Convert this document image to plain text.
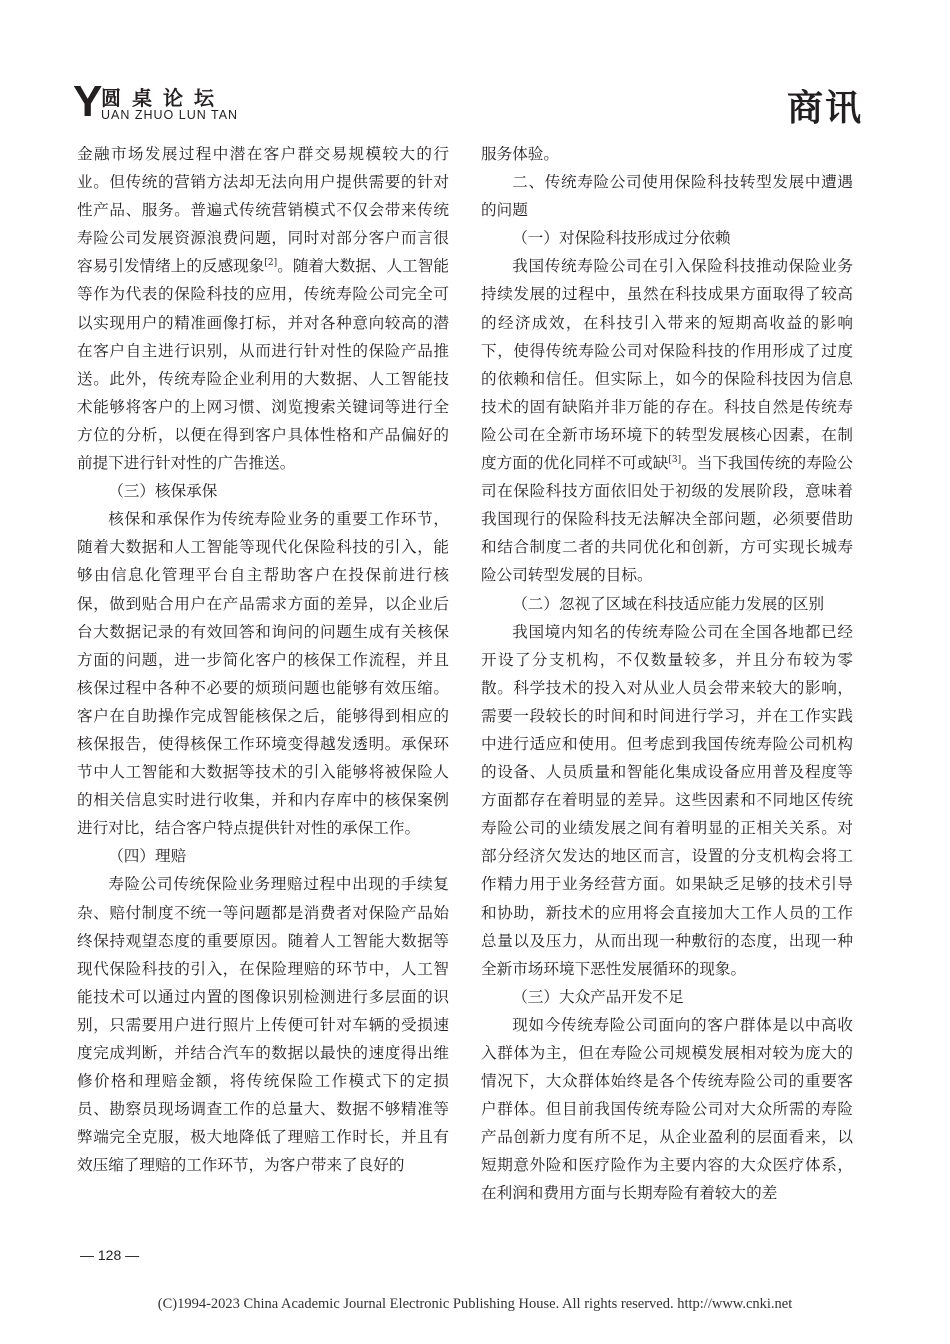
Y
圆桌论坛
UAN ZHUO LUN TAN	商讯

金融市场发展过程中潜在客户群交易规模较大的行业。但传统的营销方法却无法向用户提供需要的针对性产品、服务。普遍式传统营销模式不仅会带来传统寿险公司发展资源浪费问题，同时对部分客户而言很容易引发情绪上的反感现象[2]。随着大数据、人工智能等作为代表的保险科技的应用，传统寿险公司完全可以实现用户的精准画像打标，并对各种意向较高的潜在客户自主进行识别，从而进行针对性的保险产品推送。此外，传统寿险企业利用的大数据、人工智能技术能够将客户的上网习惯、浏览搜索关键词等进行全方位的分析，以便在得到客户具体性格和产品偏好的前提下进行针对性的广告推送。

（三）核保承保

核保和承保作为传统寿险业务的重要工作环节，随着大数据和人工智能等现代化保险科技的引入，能够由信息化管理平台自主帮助客户在投保前进行核保，做到贴合用户在产品需求方面的差异，以企业后台大数据记录的有效回答和询问的问题生成有关核保方面的问题，进一步简化客户的核保工作流程，并且核保过程中各种不必要的烦琐问题也能够有效压缩。客户在自助操作完成智能核保之后，能够得到相应的核保报告，使得核保工作环境变得越发透明。承保环节中人工智能和大数据等技术的引入能够将被保险人的相关信息实时进行收集，并和内存库中的核保案例进行对比，结合客户特点提供针对性的承保工作。

（四）理赔

寿险公司传统保险业务理赔过程中出现的手续复杂、赔付制度不统一等问题都是消费者对保险产品始终保持观望态度的重要原因。随着人工智能大数据等现代保险科技的引入，在保险理赔的环节中，人工智能技术可以通过内置的图像识别检测进行多层面的识别，只需要用户进行照片上传便可针对车辆的受损速度完成判断，并结合汽车的数据以最快的速度得出维修价格和理赔金额，将传统保险工作模式下的定损员、勘察员现场调查工作的总量大、数据不够精准等弊端完全克服，极大地降低了理赔工作时长，并且有效压缩了理赔的工作环节，为客户带来了良好的

服务体验。

二、传统寿险公司使用保险科技转型发展中遭遇的问题

（一）对保险科技形成过分依赖

我国传统寿险公司在引入保险科技推动保险业务持续发展的过程中，虽然在科技成果方面取得了较高的经济成效，在科技引入带来的短期高收益的影响下，使得传统寿险公司对保险科技的作用形成了过度的依赖和信任。但实际上，如今的保险科技因为信息技术的固有缺陷并非万能的存在。科技自然是传统寿险公司在全新市场环境下的转型发展核心因素，在制度方面的优化同样不可或缺[3]。当下我国传统的寿险公司在保险科技方面依旧处于初级的发展阶段，意味着我国现行的保险科技无法解决全部问题，必须要借助和结合制度二者的共同优化和创新，方可实现长城寿险公司转型发展的目标。

（二）忽视了区域在科技适应能力发展的区别

我国境内知名的传统寿险公司在全国各地都已经开设了分支机构，不仅数量较多，并且分布较为零散。科学技术的投入对从业人员会带来较大的影响，需要一段较长的时间和时间进行学习，并在工作实践中进行适应和使用。但考虑到我国传统寿险公司机构的设备、人员质量和智能化集成设备应用普及程度等方面都存在着明显的差异。这些因素和不同地区传统寿险公司的业绩发展之间有着明显的正相关关系。对部分经济欠发达的地区而言，设置的分支机构会将工作精力用于业务经营方面。如果缺乏足够的技术引导和协助，新技术的应用将会直接加大工作人员的工作总量以及压力，从而出现一种敷衍的态度，出现一种全新市场环境下恶性发展循环的现象。

（三）大众产品开发不足

现如今传统寿险公司面向的客户群体是以中高收入群体为主，但在寿险公司规模发展相对较为庞大的情况下，大众群体始终是各个传统寿险公司的重要客户群体。但目前我国传统寿险公司对大众所需的寿险产品创新力度有所不足，从企业盈利的层面看来，以短期意外险和医疗险作为主要内容的大众医疗体系，在利润和费用方面与长期寿险有着较大的差

— 128 —
(C)1994-2023 China Academic Journal Electronic Publishing House. All rights reserved. http://www.cnki.net
